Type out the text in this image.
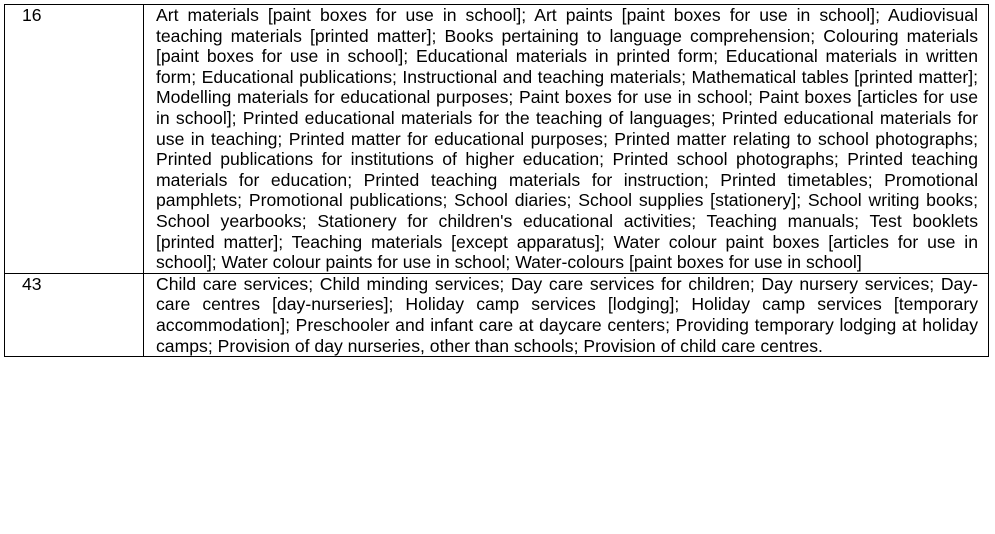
16	Art materials [paint boxes for use in school]; Art paints [paint boxes for use in school]; Audiovisual teaching materials [printed matter]; Books pertaining to language comprehension; Colouring materials [paint boxes for use in school]; Educational materials in printed form; Educational materials in written form; Educational publications; Instructional and teaching materials; Mathematical tables [printed matter]; Modelling materials for educational purposes; Paint boxes for use in school; Paint boxes [articles for use in school]; Printed educational materials for the teaching of languages; Printed educational materials for use in teaching; Printed matter for educational purposes; Printed matter relating to school photographs; Printed publications for institutions of higher education; Printed school photographs; Printed teaching materials for education; Printed teaching materials for instruction; Printed timetables; Promotional pamphlets; Promotional publications; School diaries; School supplies [stationery]; School writing books; School yearbooks; Stationery for children's educational activities; Teaching manuals; Test booklets [printed matter]; Teaching materials [except apparatus]; Water colour paint boxes [articles for use in school]; Water colour paints for use in school; Water-colours [paint boxes for use in school]
43	Child care services; Child minding services; Day care services for children; Day nursery services; Day-care centres [day-nurseries]; Holiday camp services [lodging]; Holiday camp services [temporary accommodation]; Preschooler and infant care at daycare centers; Providing temporary lodging at holiday camps; Provision of day nurseries, other than schools; Provision of child care centres.
